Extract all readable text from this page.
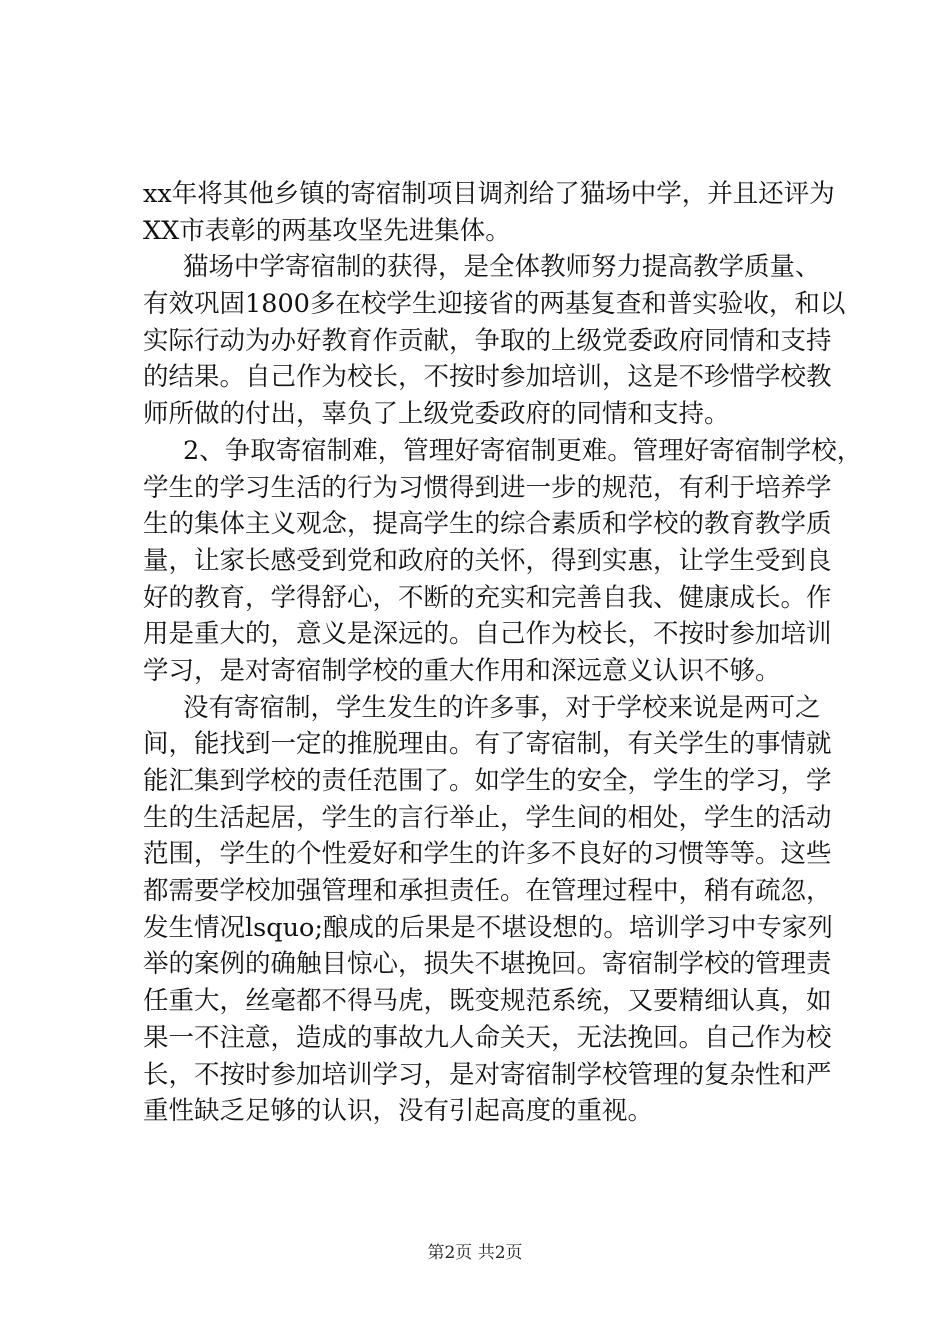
xx年将其他乡镇的寄宿制项目调剂给了猫场中学，并且还评为
XX市表彰的两基攻坚先进集体。
猫场中学寄宿制的获得，是全体教师努力提高教学质量、
有效巩固1800多在校学生迎接省的两基复查和普实验收，和以
实际行动为办好教育作贡献，争取的上级党委政府同情和支持
的结果。自己作为校长，不按时参加培训，这是不珍惜学校教
师所做的付出，辜负了上级党委政府的同情和支持。
2、争取寄宿制难，管理好寄宿制更难。管理好寄宿制学校，
学生的学习生活的行为习惯得到进一步的规范，有利于培养学
生的集体主义观念，提高学生的综合素质和学校的教育教学质
量，让家长感受到党和政府的关怀，得到实惠，让学生受到良
好的教育，学得舒心，不断的充实和完善自我、健康成长。作
用是重大的，意义是深远的。自己作为校长，不按时参加培训
学习，是对寄宿制学校的重大作用和深远意义认识不够。
没有寄宿制，学生发生的许多事，对于学校来说是两可之
间，能找到一定的推脱理由。有了寄宿制，有关学生的事情就
能汇集到学校的责任范围了。如学生的安全，学生的学习，学
生的生活起居，学生的言行举止，学生间的相处，学生的活动
范围，学生的个性爱好和学生的许多不良好的习惯等等。这些
都需要学校加强管理和承担责任。在管理过程中，稍有疏忽，
发生情况lsquo;酿成的后果是不堪设想的。培训学习中专家列
举的案例的确触目惊心，损失不堪挽回。寄宿制学校的管理责
任重大，丝毫都不得马虎，既变规范系统，又要精细认真，如
果一不注意，造成的事故九人命关天，无法挽回。自己作为校
长，不按时参加培训学习，是对寄宿制学校管理的复杂性和严
重性缺乏足够的认识，没有引起高度的重视。
第2页 共2页
